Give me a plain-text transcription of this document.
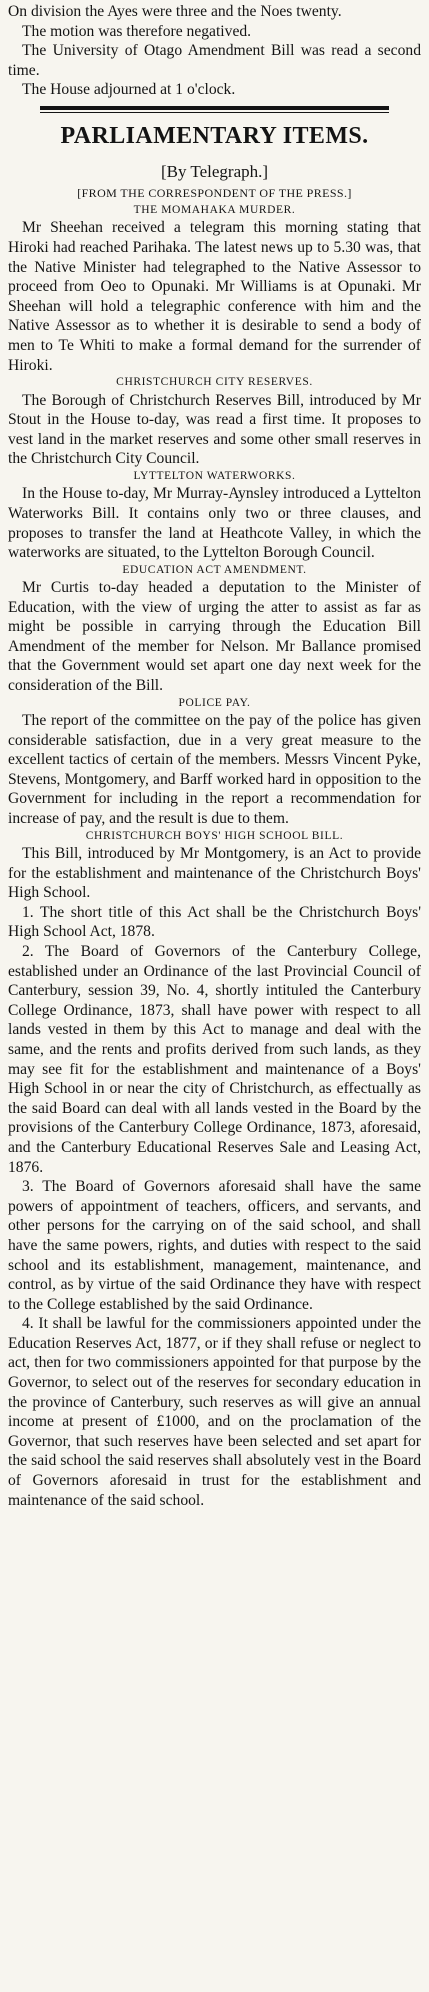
On division the Ayes were three and the Noes twenty.

The motion was therefore negatived.

The University of Otago Amendment Bill was read a second time.

The House adjourned at 1 o'clock.

PARLIAMENTARY ITEMS.
[By Telegraph.]
[FROM THE CORRESPONDENT OF THE PRESS.]
THE MOMAHAKA MURDER.

Mr Sheehan received a telegram this morning stating that Hiroki had reached Parihaka. The latest news up to 5.30 was, that the Native Minister had telegraphed to the Native Assessor to proceed from Oeo to Opunaki. Mr Williams is at Opunaki. Mr Sheehan will hold a telegraphic conference with him and the Native Assessor as to whether it is desirable to send a body of men to Te Whiti to make a formal demand for the surrender of Hiroki.

CHRISTCHURCH CITY RESERVES.

The Borough of Christchurch Reserves Bill, introduced by Mr Stout in the House to-day, was read a first time. It proposes to vest land in the market reserves and some other small reserves in the Christchurch City Council.

LYTTELTON WATERWORKS.

In the House to-day, Mr Murray-Aynsley introduced a Lyttelton Waterworks Bill. It contains only two or three clauses, and proposes to transfer the land at Heathcote Valley, in which the waterworks are situated, to the Lyttelton Borough Council.

EDUCATION ACT AMENDMENT.

Mr Curtis to-day headed a deputation to the Minister of Education, with the view of urging the atter to assist as far as might be possible in carrying through the Education Bill Amendment of the member for Nelson. Mr Ballance promised that the Government would set apart one day next week for the consideration of the Bill.

POLICE PAY.

The report of the committee on the pay of the police has given considerable satisfaction, due in a very great measure to the excellent tactics of certain of the members. Messrs Vincent Pyke, Stevens, Montgomery, and Barff worked hard in opposition to the Government for including in the report a recommendation for increase of pay, and the result is due to them.

CHRISTCHURCH BOYS' HIGH SCHOOL BILL.

This Bill, introduced by Mr Montgomery, is an Act to provide for the establishment and maintenance of the Christchurch Boys' High School.

1. The short title of this Act shall be the Christchurch Boys' High School Act, 1878.

2. The Board of Governors of the Canterbury College, established under an Ordinance of the last Provincial Council of Canterbury, session 39, No. 4, shortly intituled the Canterbury College Ordinance, 1873, shall have power with respect to all lands vested in them by this Act to manage and deal with the same, and the rents and profits derived from such lands, as they may see fit for the establishment and maintenance of a Boys' High School in or near the city of Christchurch, as effectually as the said Board can deal with all lands vested in the Board by the provisions of the Canterbury College Ordinance, 1873, aforesaid, and the Canterbury Educational Reserves Sale and Leasing Act, 1876.

3. The Board of Governors aforesaid shall have the same powers of appointment of teachers, officers, and servants, and other persons for the carrying on of the said school, and shall have the same powers, rights, and duties with respect to the said school and its establishment, management, maintenance, and control, as by virtue of the said Ordinance they have with respect to the College established by the said Ordinance.

4. It shall be lawful for the commissioners appointed under the Education Reserves Act, 1877, or if they shall refuse or neglect to act, then for two commissioners appointed for that purpose by the Governor, to select out of the reserves for secondary education in the province of Canterbury, such reserves as will give an annual income at present of £1000, and on the proclamation of the Governor, that such reserves have been selected and set apart for the said school the said reserves shall absolutely vest in the Board of Governors aforesaid in trust for the establishment and maintenance of the said school.
